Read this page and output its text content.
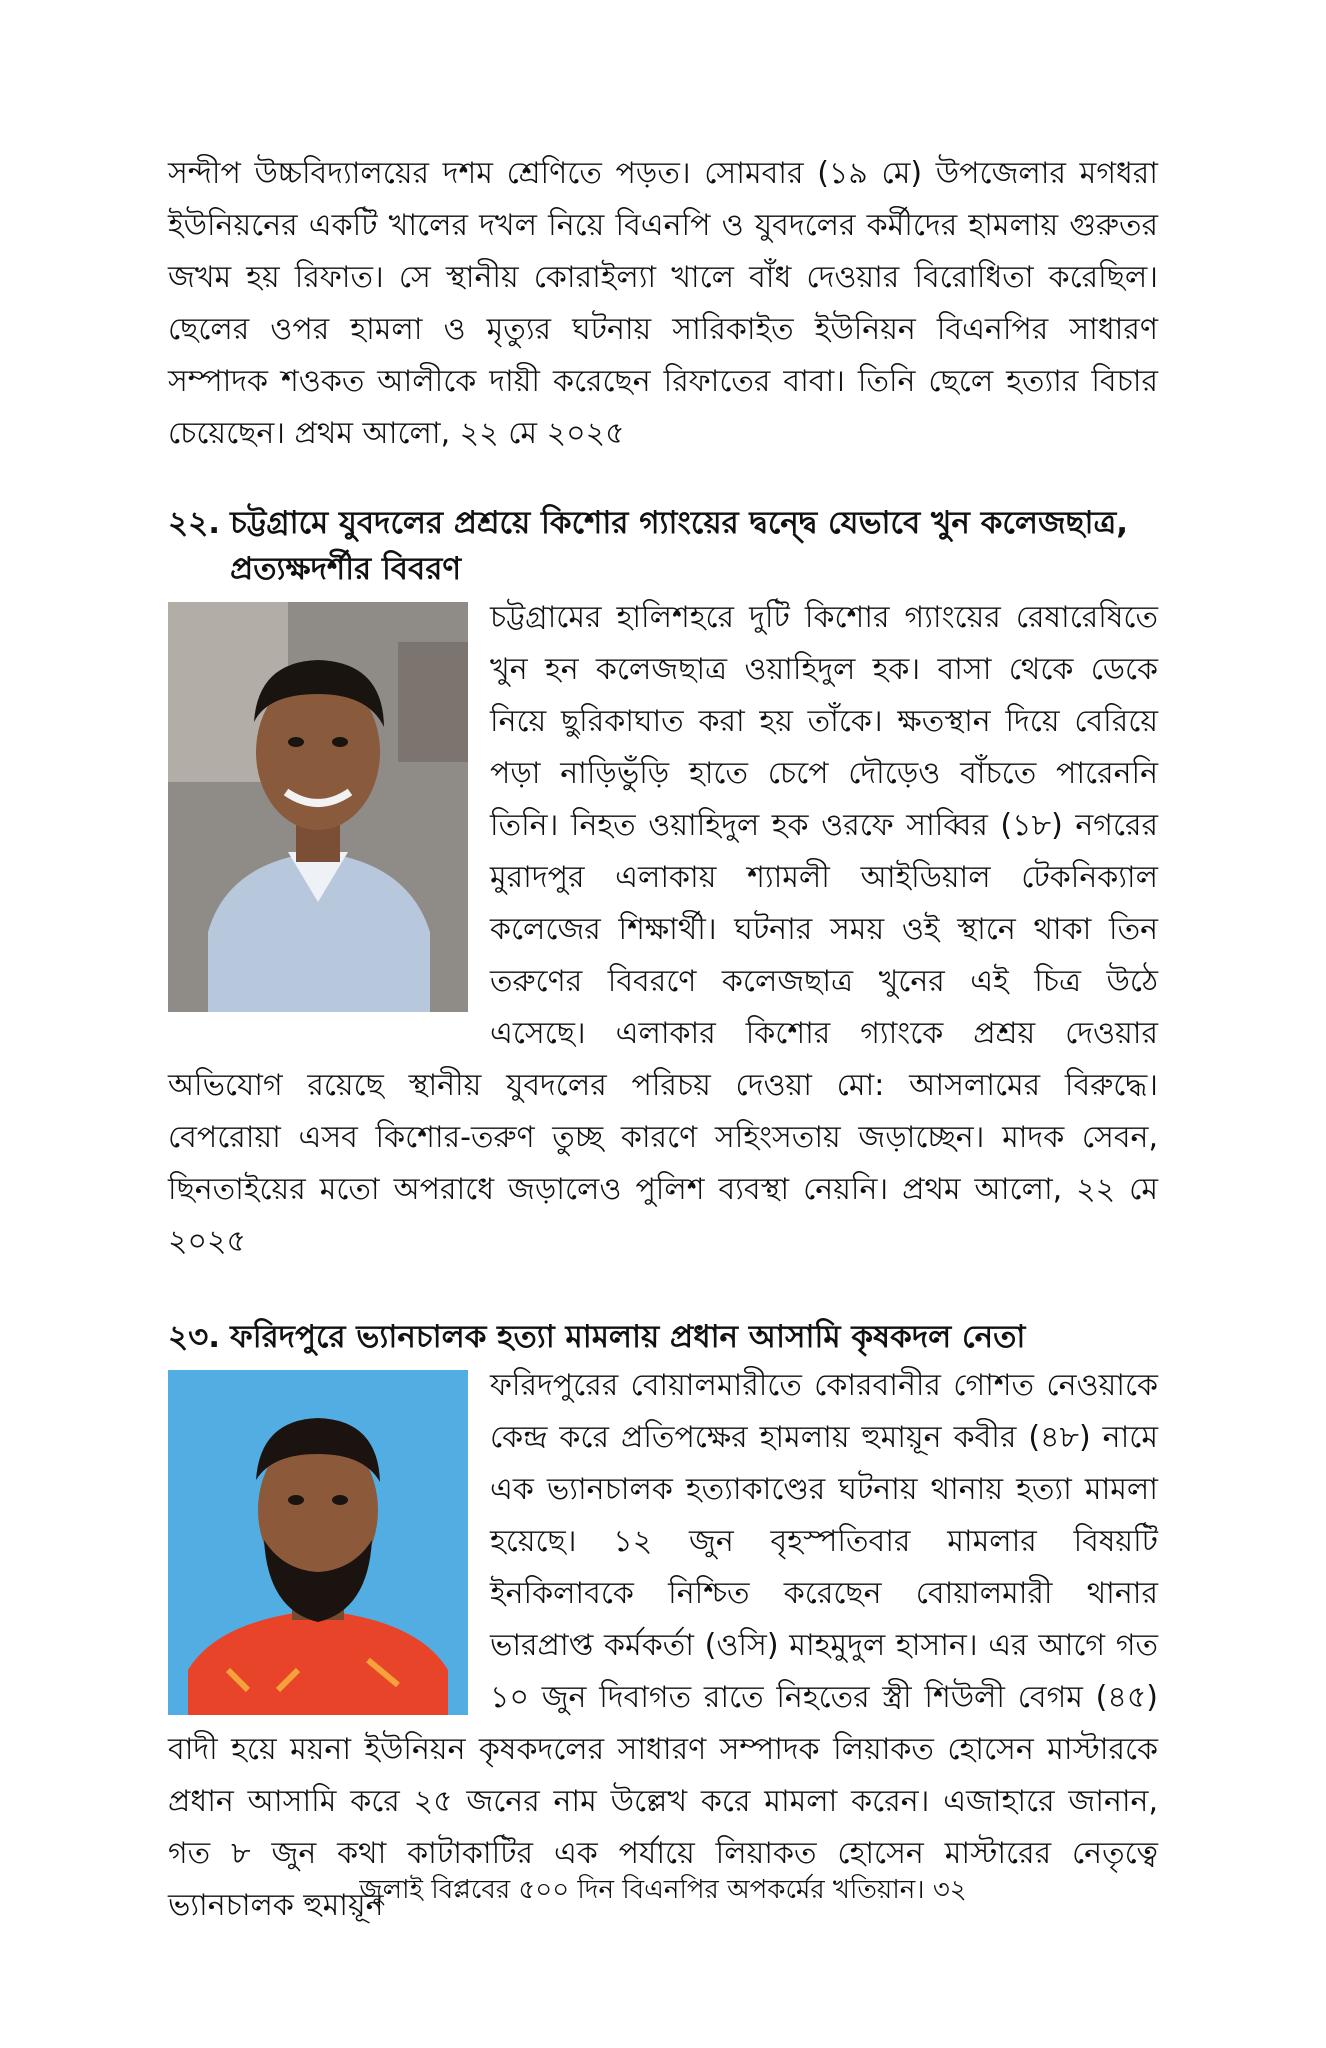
সন্দীপ উচ্চবিদ্যালয়ের দশম শ্রেণিতে পড়ত। সোমবার (১৯ মে) উপজেলার মগধরা ইউনিয়নের একটি খালের দখল নিয়ে বিএনপি ও যুবদলের কর্মীদের হামলায় গুরুতর জখম হয় রিফাত। সে স্থানীয় কোরাইল্যা খালে বাঁধ দেওয়ার বিরোধিতা করেছিল। ছেলের ওপর হামলা ও মৃত্যুর ঘটনায় সারিকাইত ইউনিয়ন বিএনপির সাধারণ সম্পাদক শওকত আলীকে দায়ী করেছেন রিফাতের বাবা। তিনি ছেলে হত্যার বিচার চেয়েছেন। প্রথম আলো, ২২ মে ২০২৫

২২. চট্টগ্রামে যুবদলের প্রশ্রয়ে কিশোর গ্যাংয়ের দ্বন্দ্বে যেভাবে খুন কলেজছাত্র, প্রত্যক্ষদর্শীর বিবরণ

চট্টগ্রামের হালিশহরে দুটি কিশোর গ্যাংয়ের রেষারেষিতে খুন হন কলেজছাত্র ওয়াহিদুল হক। বাসা থেকে ডেকে নিয়ে ছুরিকাঘাত করা হয় তাঁকে। ক্ষতস্থান দিয়ে বেরিয়ে পড়া নাড়িভুঁড়ি হাতে চেপে দৌড়েও বাঁচতে পারেননি তিনি। নিহত ওয়াহিদুল হক ওরফে সাব্বির (১৮) নগরের মুরাদপুর এলাকায় শ্যামলী আইডিয়াল টেকনিক্যাল কলেজের শিক্ষার্থী। ঘটনার সময় ওই স্থানে থাকা তিন তরুণের বিবরণে কলেজছাত্র খুনের এই চিত্র উঠে এসেছে। এলাকার কিশোর গ্যাংকে প্রশ্রয় দেওয়ার অভিযোগ রয়েছে স্থানীয় যুবদলের পরিচয় দেওয়া মো: আসলামের বিরুদ্ধে। বেপরোয়া এসব কিশোর-তরুণ তুচ্ছ কারণে সহিংসতায় জড়াচ্ছেন। মাদক সেবন, ছিনতাইয়ের মতো অপরাধে জড়ালেও পুলিশ ব্যবস্থা নেয়নি। প্রথম আলো, ২২ মে ২০২৫

২৩. ফরিদপুরে ভ্যানচালক হত্যা মামলায় প্রধান আসামি কৃষকদল নেতা

ফরিদপুরের বোয়ালমারীতে কোরবানীর গোশত নেওয়াকে কেন্দ্র করে প্রতিপক্ষের হামলায় হুমায়ূন কবীর (৪৮) নামে এক ভ্যানচালক হত্যাকাণ্ডের ঘটনায় থানায় হত্যা মামলা হয়েছে। ১২ জুন বৃহস্পতিবার মামলার বিষয়টি ইনকিলাবকে নিশ্চিত করেছেন বোয়ালমারী থানার ভারপ্রাপ্ত কর্মকর্তা (ওসি) মাহমুদুল হাসান। এর আগে গত ১০ জুন দিবাগত রাতে নিহতের স্ত্রী শিউলী বেগম (৪৫) বাদী হয়ে ময়না ইউনিয়ন কৃষকদলের সাধারণ সম্পাদক লিয়াকত হোসেন মাস্টারকে প্রধান আসামি করে ২৫ জনের নাম উল্লেখ করে মামলা করেন। এজাহারে জানান, গত ৮ জুন কথা কাটাকাটির এক পর্যায়ে লিয়াকত হোসেন মাস্টারের নেতৃত্বে ভ্যানচালক হুমায়ূন

জুলাই বিপ্লবের ৫০০ দিন বিএনপির অপকর্মের খতিয়ান। ৩২
